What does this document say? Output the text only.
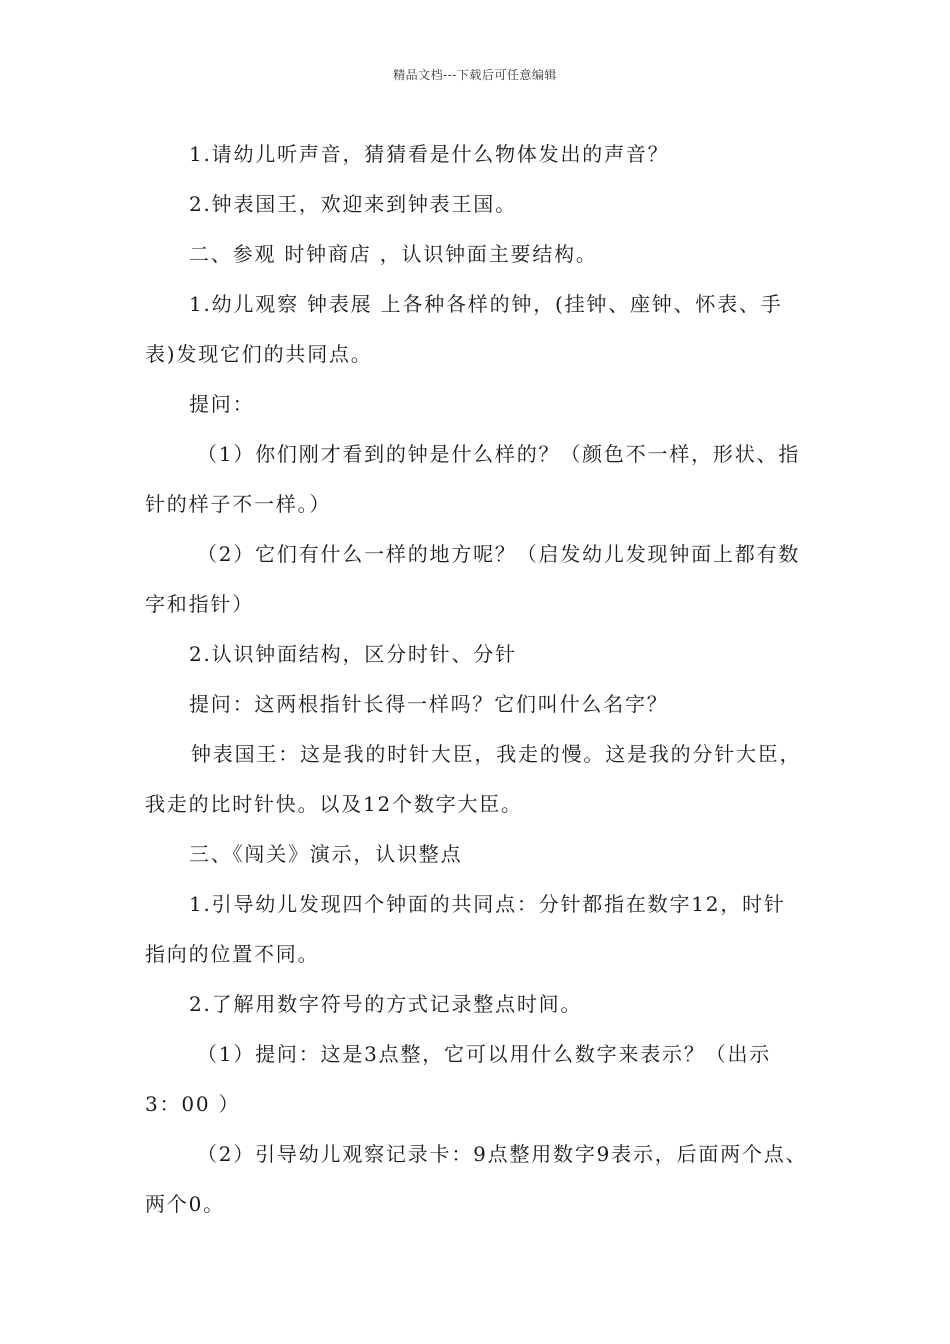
精品文档---下载后可任意编辑
1.请幼儿听声音，猜猜看是什么物体发出的声音？
2.钟表国王，欢迎来到钟表王国。
二、参观 时钟商店 ，认识钟面主要结构。
1.幼儿观察 钟表展 上各种各样的钟，(挂钟、座钟、怀表、手
表)发现它们的共同点。
提问：
（1）你们刚才看到的钟是什么样的？（颜色不一样，形状、指
针的样子不一样。）
（2）它们有什么一样的地方呢？（启发幼儿发现钟面上都有数
字和指针）
2.认识钟面结构，区分时针、分针
提问：这两根指针长得一样吗？它们叫什么名字？
钟表国王：这是我的时针大臣，我走的慢。这是我的分针大臣，
我走的比时针快。以及12个数字大臣。
三、《闯关》演示，认识整点
1.引导幼儿发现四个钟面的共同点：分针都指在数字12，时针
指向的位置不同。
2.了解用数字符号的方式记录整点时间。
（1）提问：这是3点整，它可以用什么数字来表示？（出示
3：00 ）
（2）引导幼儿观察记录卡：9点整用数字9表示，后面两个点、
两个0。
